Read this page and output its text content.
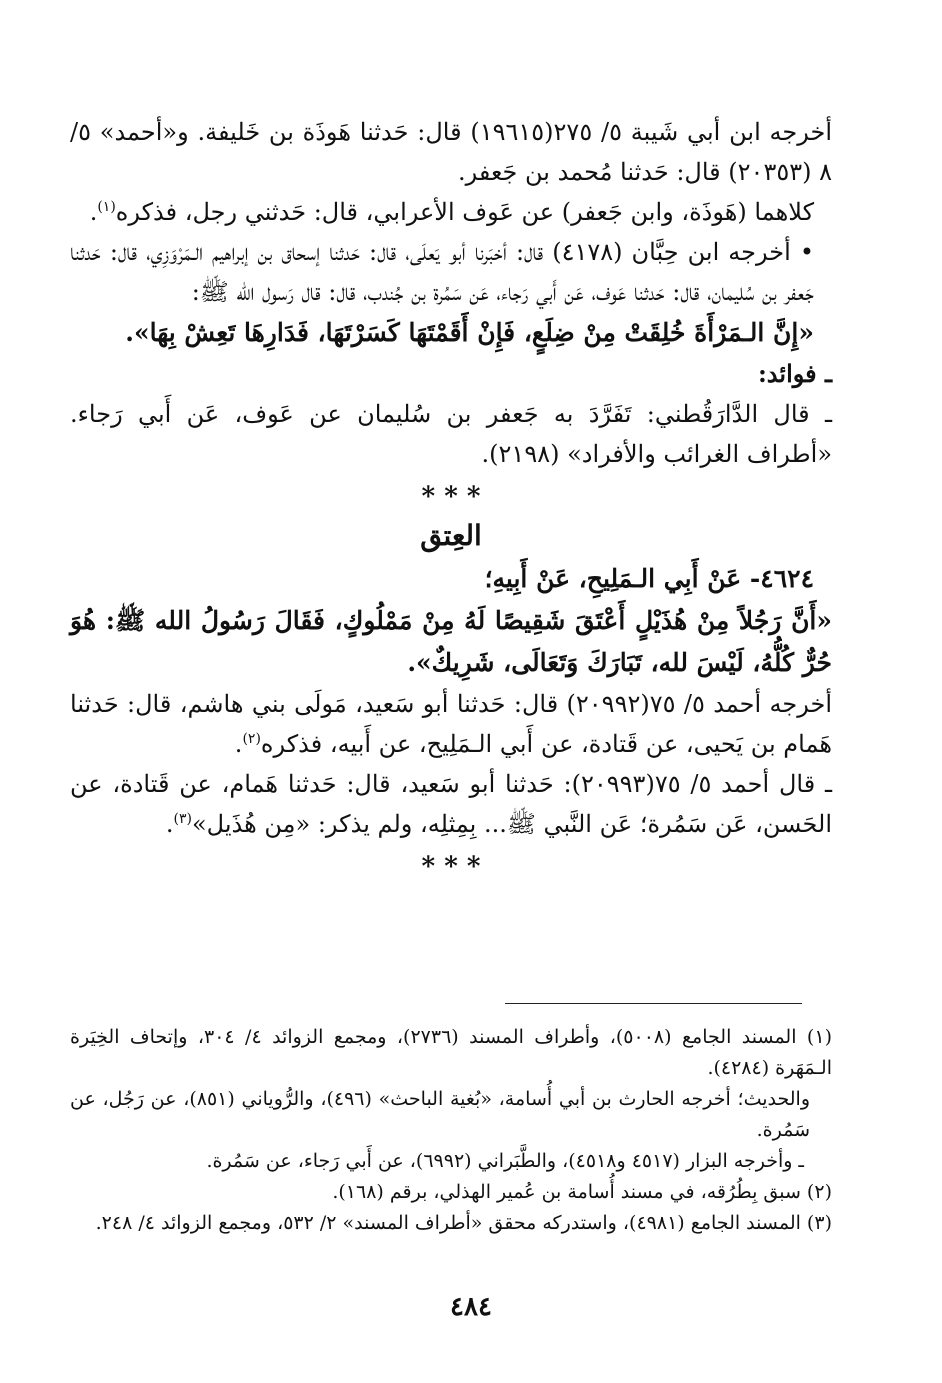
أخرجه ابن أبي شَيبة ٥/ ٢٧٥(١٩٦١٥) قال: حَدثنا هَوذَة بن خَليفة. و«أحمد» ٥/ ٨ (٢٠٣٥٣) قال: حَدثنا مُحمد بن جَعفر.

كلاهما (هَوذَة، وابن جَعفر) عن عَوف الأعرابي، قال: حَدثني رجل، فذكره$^{(١)}$.

• أخرجه ابن حِبَّان (٤١٧٨) قال: أخبَرنا أبو يَعلَى، قال: حَدثنا إسحاق بن إبراهيم الـمَرْوَزِي، قال: حَدثنا جَعفر بن سُليمان، قال: حَدثنا عَوف، عَن أَبي رَجاء، عَن سَمُرة بن جُندب، قال: قال رَسول الله ﷺ:

«إِنَّ الـمَرْأَةَ خُلِقَتْ مِنْ ضِلَعٍ، فَإِنْ أَقَمْتَهَا كَسَرْتَهَا، فَدَارِهَا تَعِشْ بِهَا».

ـ فوائد:

ـ قال الدَّارَقُطني: تَفَرَّدَ به جَعفر بن سُليمان عن عَوف، عَن أَبي رَجاء. «أطراف الغرائب والأفراد» (٢١٩٨).

* * *

العِتق

٤٦٢٤- عَنْ أَبِي الـمَلِيحِ، عَنْ أَبِيهِ؛

«أَنَّ رَجُلاً مِنْ هُذَيْلٍ أَعْتَقَ شَقِيصًا لَهُ مِنْ مَمْلُوكٍ، فَقَالَ رَسُولُ الله ﷺ: هُوَ حُرٌّ كُلُّهُ، لَيْسَ لله، تَبَارَكَ وَتَعَالَى، شَرِيكٌ».

أخرجه أحمد ٥/ ٧٥(٢٠٩٩٢) قال: حَدثنا أبو سَعيد، مَولَى بني هاشم، قال: حَدثنا هَمام بن يَحيى، عن قَتادة، عن أَبي الـمَلِيح، عن أَبيه، فذكره$^{(٢)}$.

ـ قال أحمد ٥/ ٧٥(٢٠٩٩٣): حَدثنا أبو سَعيد، قال: حَدثنا هَمام، عن قَتادة، عن الحَسن، عَن سَمُرة؛ عَن النَّبي ﷺ... بِمِثلِه، ولم يذكر: «مِن هُذَيل»$^{(٣)}$.

* * *

(١) المسند الجامع (٥٠٠٨)، وأطراف المسند (٢٧٣٦)، ومجمع الزوائد ٤/ ٣٠٤، وإتحاف الخِيَرة الـمَهَرة (٤٢٨٤).

والحديث؛ أخرجه الحارث بن أبي أُسامة، «بُغية الباحث» (٤٩٦)، والرُّوياني (٨٥١)، عن رَجُل، عن سَمُرة.

ـ وأخرجه البزار (٤٥١٧ و٤٥١٨)، والطَّبَراني (٦٩٩٢)، عن أَبي رَجاء، عن سَمُرة.

(٢) سبق بِطُرُقه، في مسند أُسامة بن عُمير الهذلي، برقم (١٦٨).

(٣) المسند الجامع (٤٩٨١)، واستدركه محقق «أطراف المسند» ٢/ ٥٣٢، ومجمع الزوائد ٤/ ٢٤٨.

٤٨٤
